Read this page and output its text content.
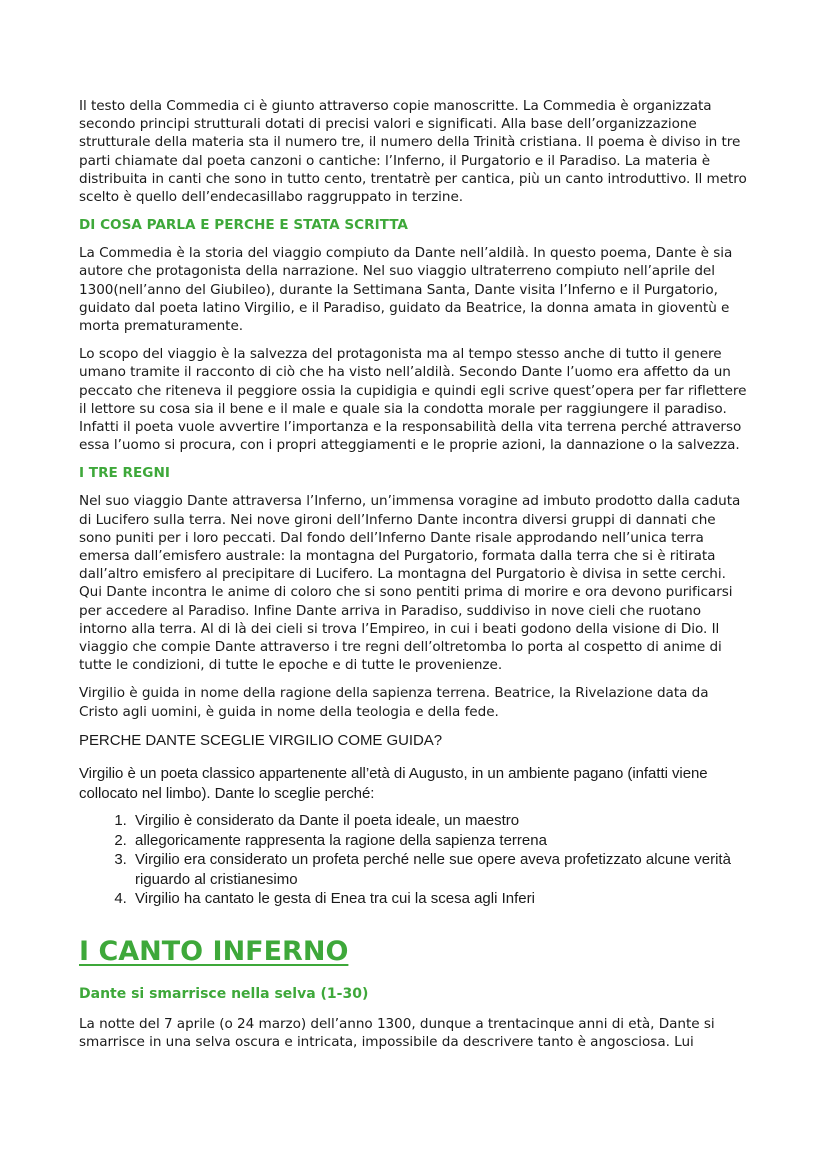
Il testo della Commedia ci è giunto attraverso copie manoscritte. La Commedia è organizzata secondo principi strutturali dotati di precisi valori e significati. Alla base dell’organizzazione strutturale della materia sta il numero tre, il numero della Trinità cristiana. Il poema è diviso in tre parti chiamate dal poeta canzoni o cantiche: l’Inferno, il Purgatorio e il Paradiso. La materia è distribuita in canti che sono in tutto cento, trentatrè per cantica, più un canto introduttivo. Il metro scelto è quello dell’endecasillabo raggruppato in terzine.

DI COSA PARLA E PERCHE E STATA SCRITTA

La Commedia è la storia del viaggio compiuto da Dante nell’aldilà. In questo poema, Dante è sia autore che protagonista della narrazione. Nel suo viaggio ultraterreno compiuto nell’aprile del 1300(nell’anno del Giubileo), durante la Settimana Santa, Dante visita l’Inferno e il Purgatorio, guidato dal poeta latino Virgilio, e il Paradiso, guidato da Beatrice, la donna amata in gioventù e morta prematuramente.

Lo scopo del viaggio è la salvezza del protagonista ma al tempo stesso anche di tutto il genere umano tramite il racconto di ciò che ha visto nell’aldilà. Secondo Dante l’uomo era affetto da un peccato che riteneva il peggiore ossia la cupidigia e quindi egli scrive quest’opera per far riflettere il lettore su cosa sia il bene e il male e quale sia la condotta morale per raggiungere il paradiso. Infatti il poeta vuole avvertire l’importanza e la responsabilità della vita terrena perché attraverso essa l’uomo si procura, con i propri atteggiamenti e le proprie azioni, la dannazione o la salvezza.

I TRE REGNI

Nel suo viaggio Dante attraversa l’Inferno, un’immensa voragine ad imbuto prodotto dalla caduta di Lucifero sulla terra. Nei nove gironi dell’Inferno Dante incontra diversi gruppi di dannati che sono puniti per i loro peccati. Dal fondo dell’Inferno Dante risale approdando nell’unica terra emersa dall’emisfero australe: la montagna del Purgatorio, formata dalla terra che si è ritirata dall’altro emisfero al precipitare di Lucifero. La montagna del Purgatorio è divisa in sette cerchi. Qui Dante incontra le anime di coloro che si sono pentiti prima di morire e ora devono purificarsi per accedere al Paradiso. Infine Dante arriva in Paradiso, suddiviso in nove cieli che ruotano intorno alla terra. Al di là dei cieli si trova l’Empireo, in cui i beati godono della visione di Dio. Il viaggio che compie Dante attraverso i tre regni dell’oltretomba lo porta al cospetto di anime di tutte le condizioni, di tutte le epoche e di tutte le provenienze.

Virgilio è guida in nome della ragione della sapienza terrena. Beatrice, la Rivelazione data da Cristo agli uomini, è guida in nome della teologia e della fede.

PERCHE DANTE SCEGLIE VIRGILIO COME GUIDA?

Virgilio è un poeta classico appartenente all’età di Augusto, in un ambiente pagano (infatti viene collocato nel limbo). Dante lo sceglie perché:

1. Virgilio è considerato da Dante il poeta ideale, un maestro
2. allegoricamente rappresenta la ragione della sapienza terrena
3. Virgilio era considerato un profeta perché nelle sue opere aveva profetizzato alcune verità riguardo al cristianesimo
4. Virgilio ha cantato le gesta di Enea tra cui la scesa agli Inferi
I CANTO INFERNO
Dante si smarrisce nella selva (1-30)

La notte del 7 aprile (o 24 marzo) dell’anno 1300, dunque a trentacinque anni di età, Dante si smarrisce in una selva oscura e intricata, impossibile da descrivere tanto è angosciosa. Lui
